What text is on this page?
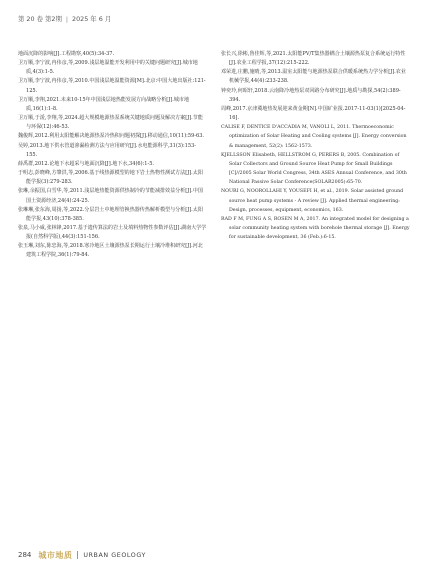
第 20 卷 第2期 | 2025 年 6 月

地面沉降的影响[J].工程勘察,40(5):34-37.

卫万顺,李宁波,冉伟彦,等,2009.浅层地温能开发利用中的关键问题研究[J].城市地质,4(3):1-5.

卫万顺,李宁波,冉伟彦,等,2010.中国浅层地温能资源[M].北京:中国大地出版社:121-125.

卫万顺,李翔,2021.未来10-15年中国浅层地热能发展方向战略分析[J].城市地质,16(1):1-8.

卫万顺,于湲,李翔,等,2024.超大规模地源热泵系统关键地质问题及解决方案[J].节能与环保(12):46-53.

魏俊辉,2012.利用太阳能解决地源热泵冷热积问题初探[J].移动通信,10(11):59-63.

吴婷,2013.地下供水管道渗漏检测方法与应用研究[J].水电能源科学,31(3):153-155.

薛禹群,2012.论地下水超采与地面沉降[J].地下水,34(6):1-5.

于明志,彭晓峰,方肇洪,等,2006.基于线热源模型的地下岩土热物性测试方法[J].太阳能学报(3):279-283.

张琳,余振国,白雪华,等,2011.浅层地热能资源供热制冷的节能减排效益分析[J].中国国土资源经济,24(4):24-25.

张琳琳,张东海,周扬,等,2022.分层岩土中地埋管换热器传热解析模型与分析[J].太阳能学报,43(10):378-385.

张泉,马小威,张林锋,2017.基于遗传算法的岩土及填料热物性参数评估[J].湖南大学学报(自然科学版),44(3):151-156.

张玉琳,刘东,陈忠海,等,2018.寒冷地区土壤源热泵长期运行土壤冷堆积研究[J].河北建筑工程学院,36(1):79-84.

张长兴,徐彬,鲁佳辉,等,2021.太阳能PV/T集热器耦合土壤源热泵复合系统运行特性[J].农业工程学报,37(12):215-222.

邓荣进,庄鹏,施晴,等,2013.温室太阳能与地源热泵联合供暖系统热力学分析[J].农业机械学报,44(4):233-238.

钟奕玲,何昭轩,2018.云南降冷地热泵双回路分布研究[J].地质与勘探,54(2):389-394.

周峰,2017.京津冀地热发展迎来黄金期[N].中国矿业报.2017-11-03(1)[2025-04-16].

CALISE F, DENTICE D'ACCADIA M, VANOLI L, 2011. Thermoeconomic optimization of Solar Heating and Cooling systems [J]. Energy conversion & management, 52(2): 1562-1573.

KJELLSSON Elisabeth, HELLSTROM G, PERERS B, 2005. Combination of Solar Collectors and Ground Source Heat Pump for Small Buildings [C]//2005 Solar World Congress, 34th ASES Annual Conference, and 30th National Passive Solar Conference(SOLAR2005):65-70.

NOURI G, NOOROLLAHI Y, YOUSEFI H, et al., 2019. Solar assisted ground source heat pump systems - A review [J]. Applied thermal engineering: Design, processes, equipment, economics, 163.

RAD F M, FUNG A S, ROSEN M A, 2017. An integrated model for designing a solar community heating system with borehole thermal storage [J]. Energy for sustainable development, 36 (Feb.):6-15.

284 城市地质 URBAN GEOLOGY
